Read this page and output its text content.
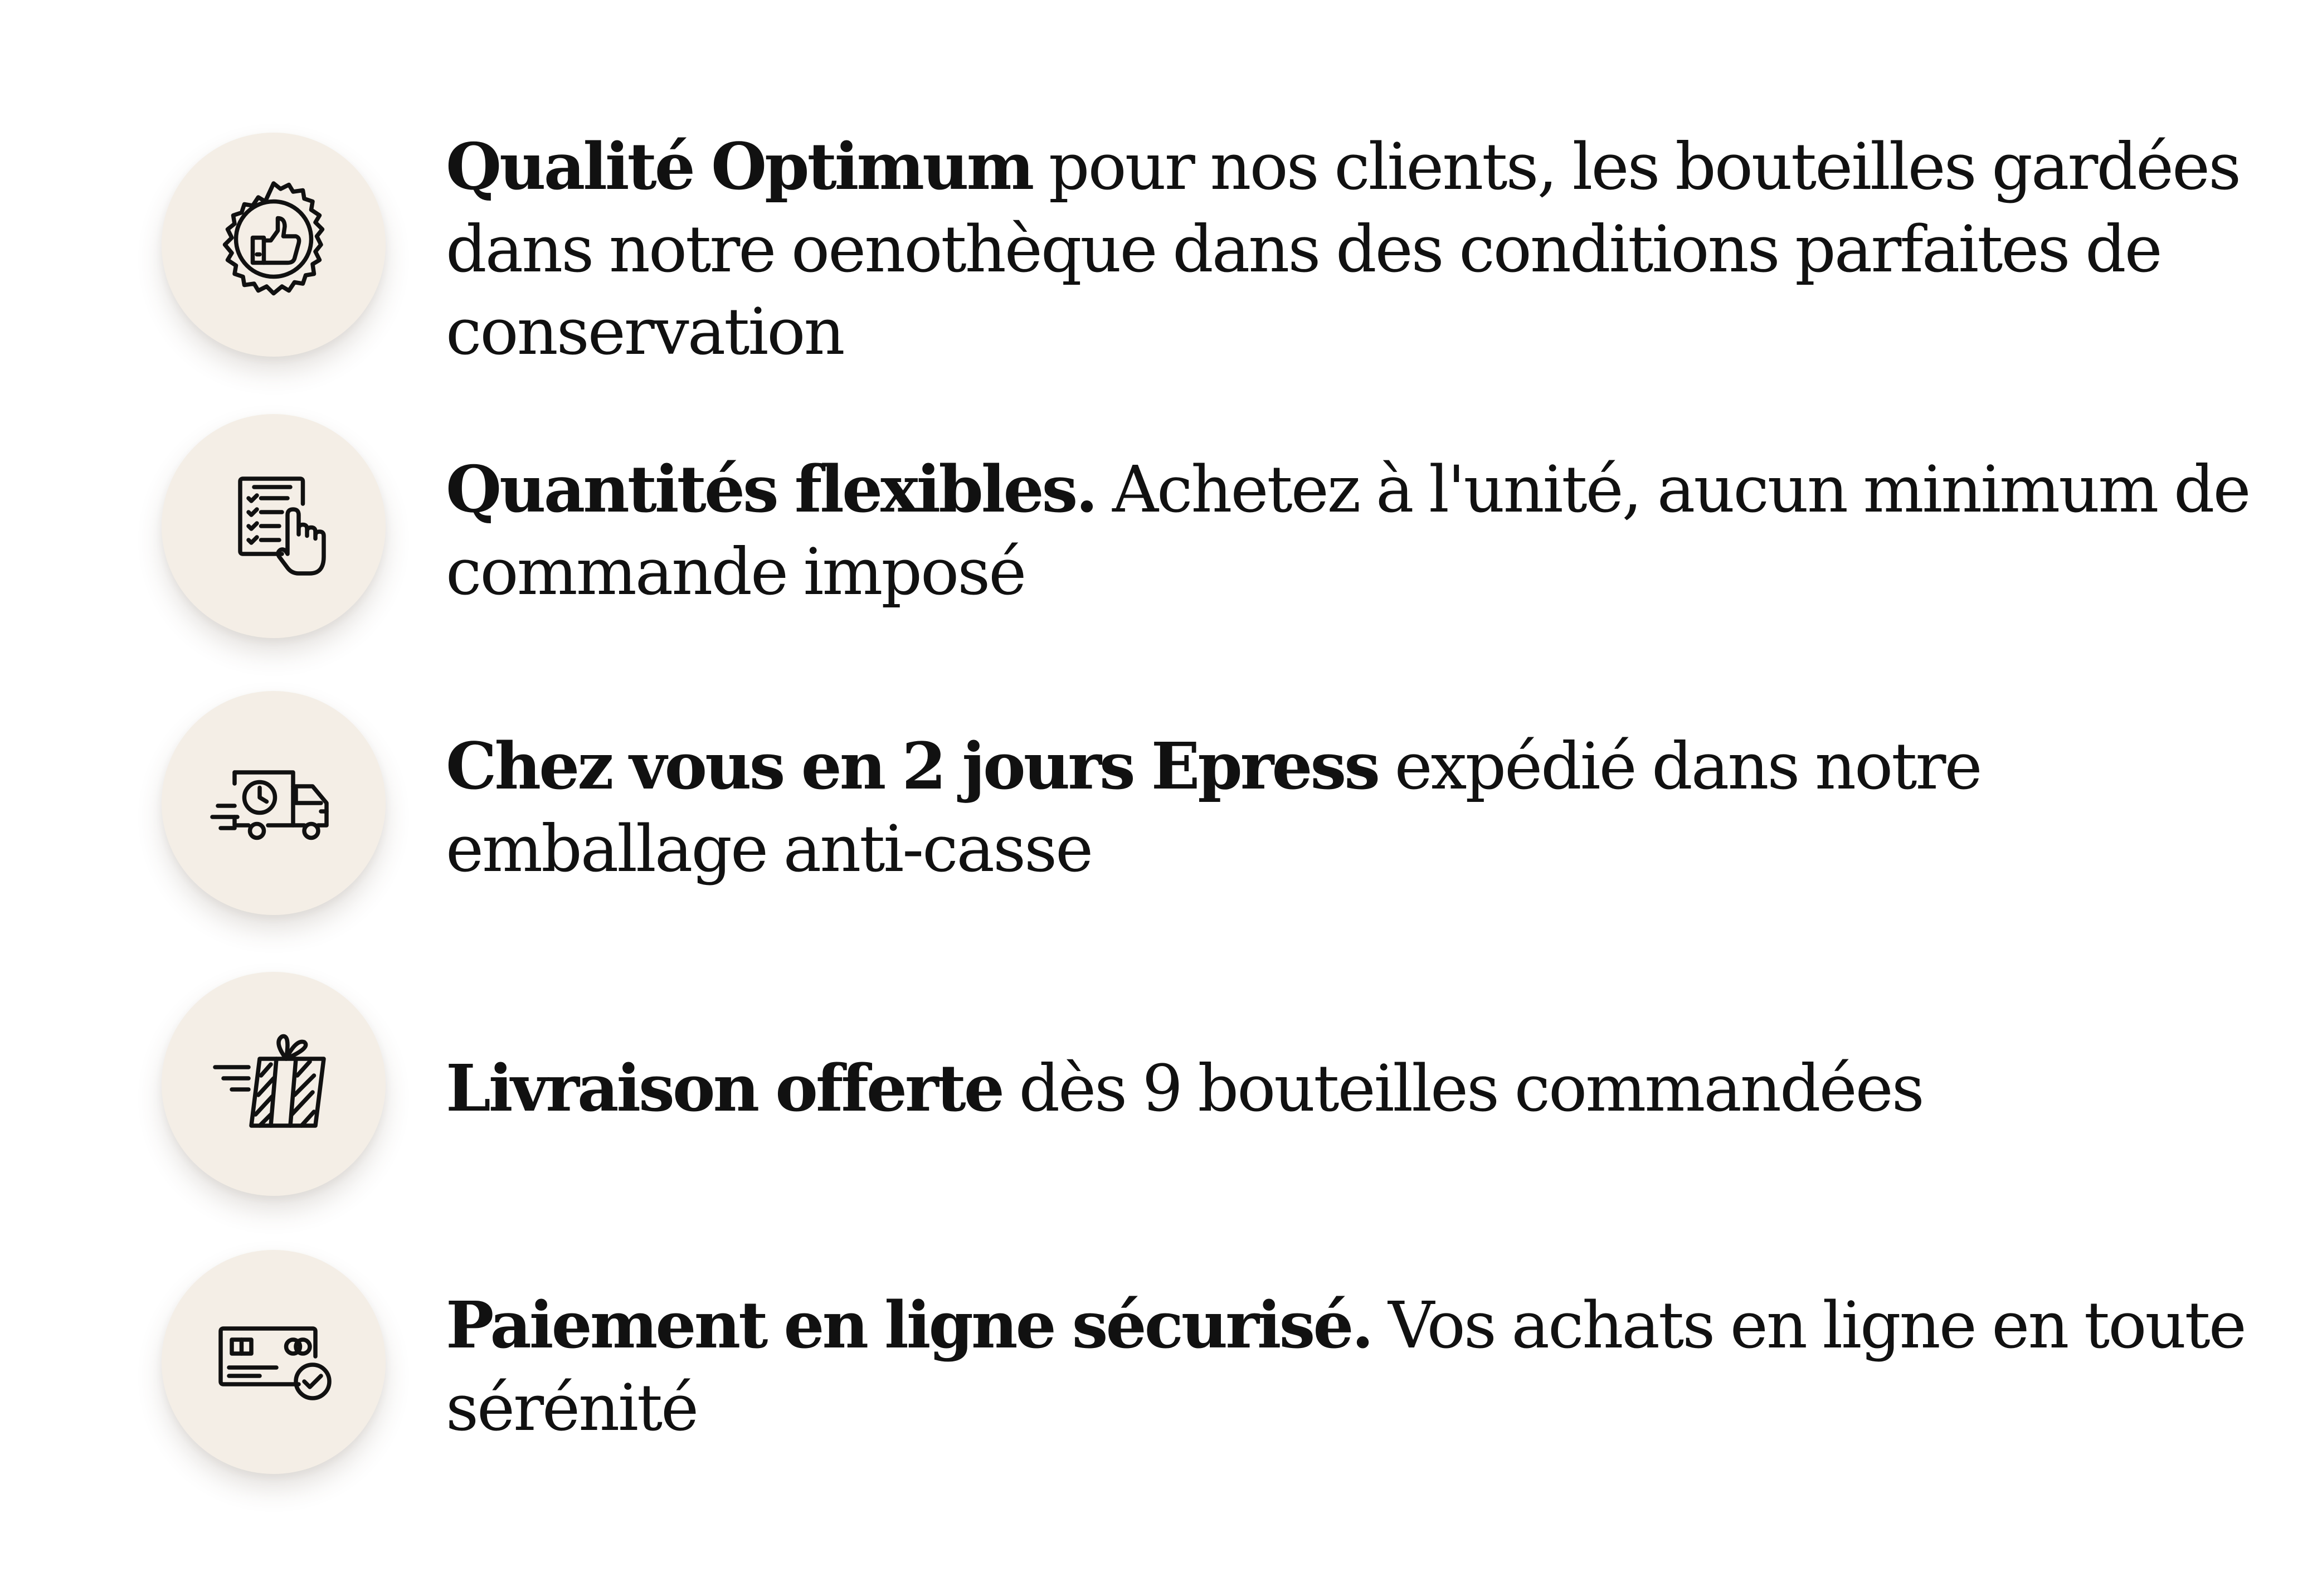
Qualité Optimum pour nos clients, les bouteilles gardées dans notre oenothèque dans des conditions parfaites de conservation
Quantités flexibles. Achetez à l'unité, aucun minimum de commande imposé
Chez vous en 2 jours Epress expédié dans notre emballage anti-casse
Livraison offerte dès 9 bouteilles commandées
Paiement en ligne sécurisé. Vos achats en ligne en toute sérénité
